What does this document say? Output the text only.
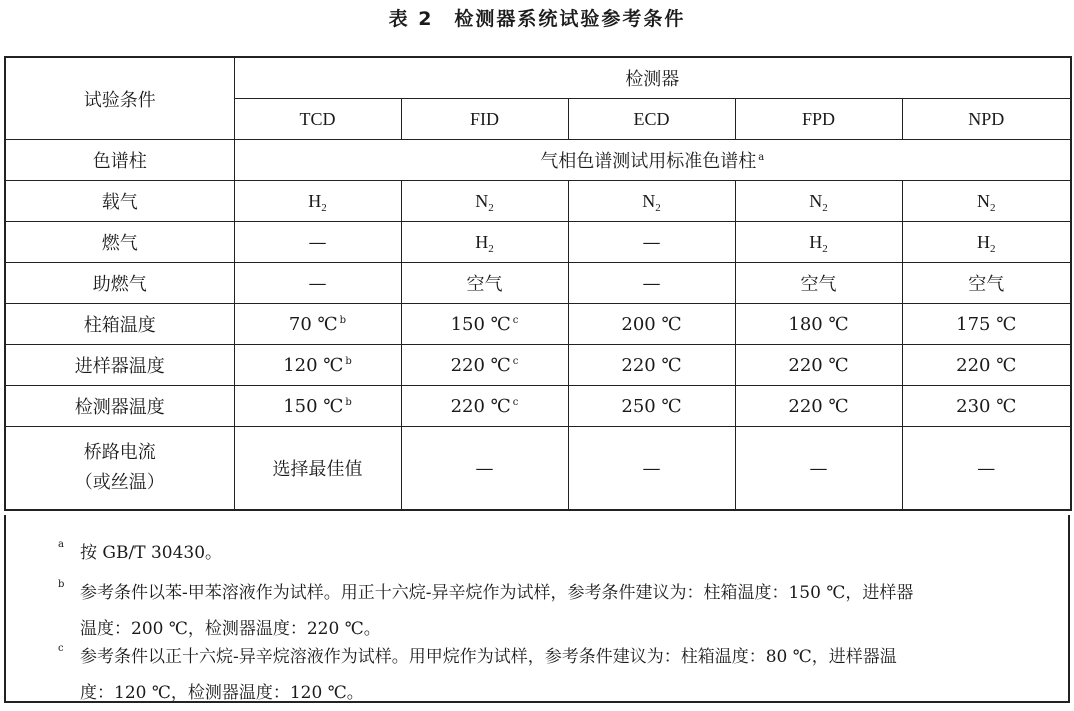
表 2　检测器系统试验参考条件
试验条件	检测器				
	TCD	FID	ECD	FPD	NPD
色谱柱	气相色谱测试用标准色谱柱 $^a$
载气	$H_2$	$N_2$	$N_2$	$N_2$	$N_2$
燃气	—	$H_2$	—	$H_2$	$H_2$
助燃气	—	空气	—	空气	空气
柱箱温度	70 ℃ $^b$	150 ℃ $^c$	200 ℃	180 ℃	175 ℃
进样器温度	120 ℃ $^b$	220 ℃ $^c$	220 ℃	220 ℃	220 ℃
检测器温度	150 ℃ $^b$	220 ℃ $^c$	250 ℃	220 ℃	230 ℃

桥路电流
（或丝温）	选择最佳值	—	—	—	—
a 按 GB/T 30430。
b 参考条件以苯-甲苯溶液作为试样。用正十六烷-异辛烷作为试样，参考条件建议为：柱箱温度：150 ℃，进样器
温度：200 ℃，检测器温度：220 ℃。
c 参考条件以正十六烷-异辛烷溶液作为试样。用甲烷作为试样，参考条件建议为：柱箱温度：80 ℃，进样器温
度：120 ℃，检测器温度：120 ℃。
